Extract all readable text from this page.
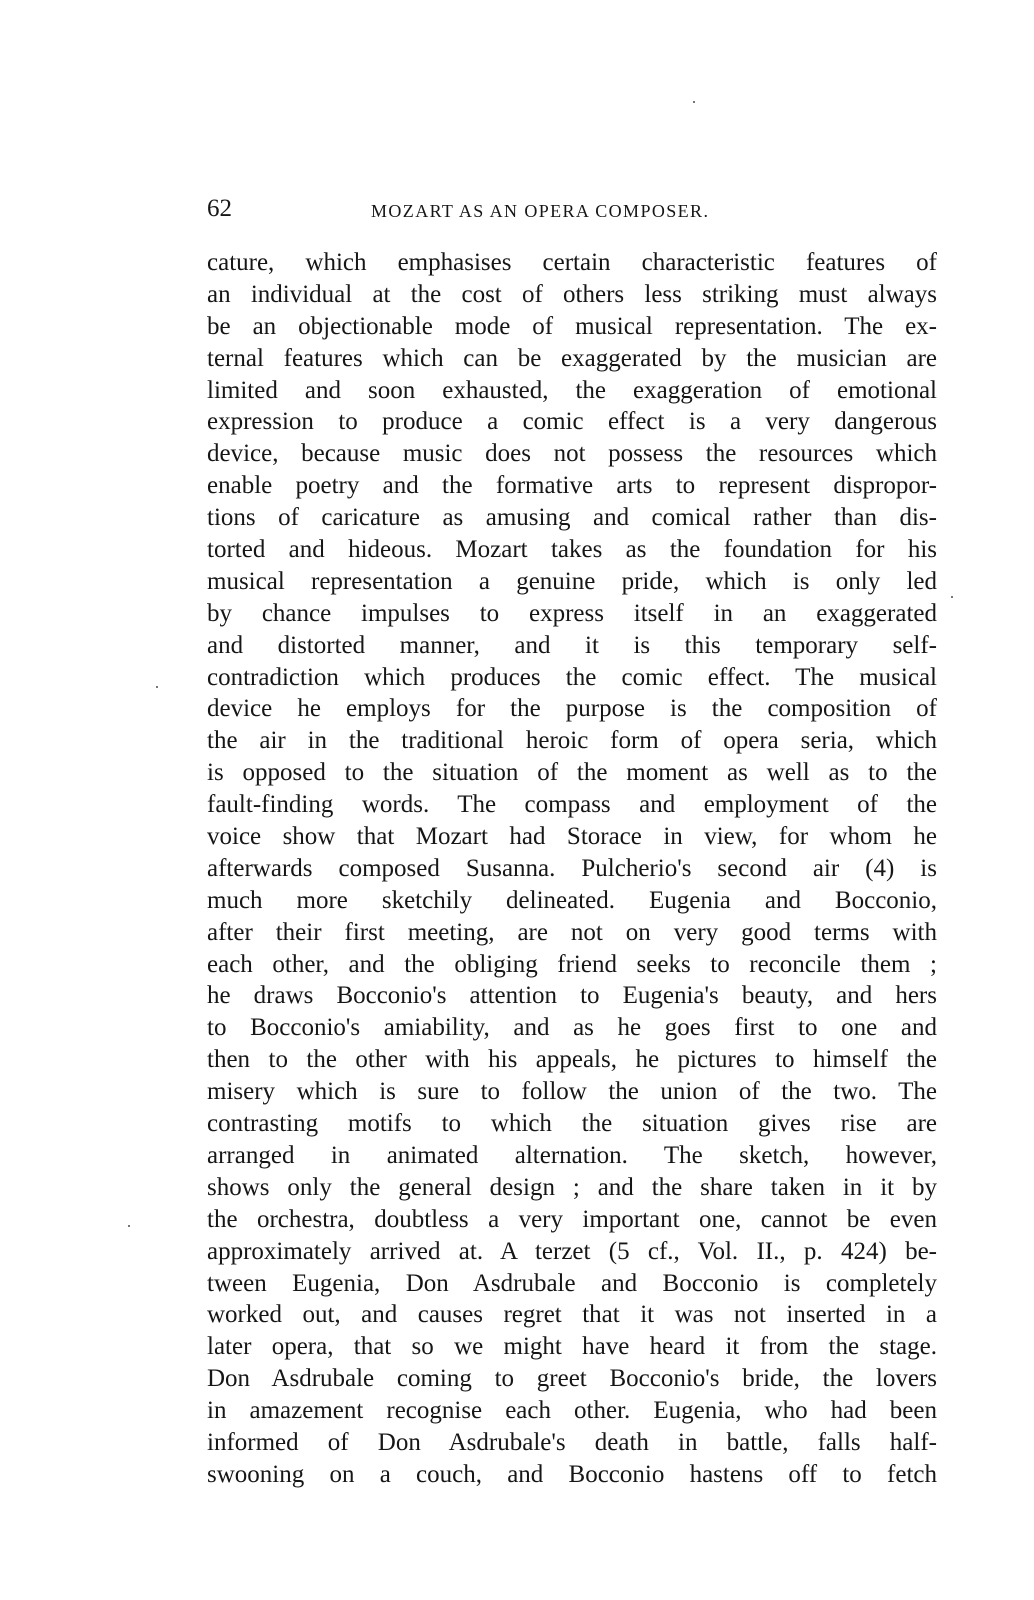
62	MOZART AS AN OPERA COMPOSER.
cature, which emphasises certain characteristic features of
an individual at the cost of others less striking must always
be an objectionable mode of musical representation. The ex-
ternal features which can be exaggerated by the musician are
limited and soon exhausted, the exaggeration of emotional
expression to produce a comic effect is a very dangerous
device, because music does not possess the resources which
enable poetry and the formative arts to represent dispropor-
tions of caricature as amusing and comical rather than dis-
torted and hideous. Mozart takes as the foundation for his
musical representation a genuine pride, which is only led
by chance impulses to express itself in an exaggerated
and distorted manner, and it is this temporary self-
contradiction which produces the comic effect. The musical
device he employs for the purpose is the composition of
the air in the traditional heroic form of opera seria, which
is opposed to the situation of the moment as well as to the
fault-finding words. The compass and employment of the
voice show that Mozart had Storace in view, for whom he
afterwards composed Susanna. Pulcherio's second air (4) is
much more sketchily delineated. Eugenia and Bocconio,
after their first meeting, are not on very good terms with
each other, and the obliging friend seeks to reconcile them ;
he draws Bocconio's attention to Eugenia's beauty, and hers
to Bocconio's amiability, and as he goes first to one and
then to the other with his appeals, he pictures to himself the
misery which is sure to follow the union of the two. The
contrasting motifs to which the situation gives rise are
arranged in animated alternation. The sketch, however,
shows only the general design ; and the share taken in it by
the orchestra, doubtless a very important one, cannot be even
approximately arrived at. A terzet (5 cf., Vol. II., p. 424) be-
tween Eugenia, Don Asdrubale and Bocconio is completely
worked out, and causes regret that it was not inserted in a
later opera, that so we might have heard it from the stage.
Don Asdrubale coming to greet Bocconio's bride, the lovers
in amazement recognise each other. Eugenia, who had been
informed of Don Asdrubale's death in battle, falls half-
swooning on a couch, and Bocconio hastens off to fetch
